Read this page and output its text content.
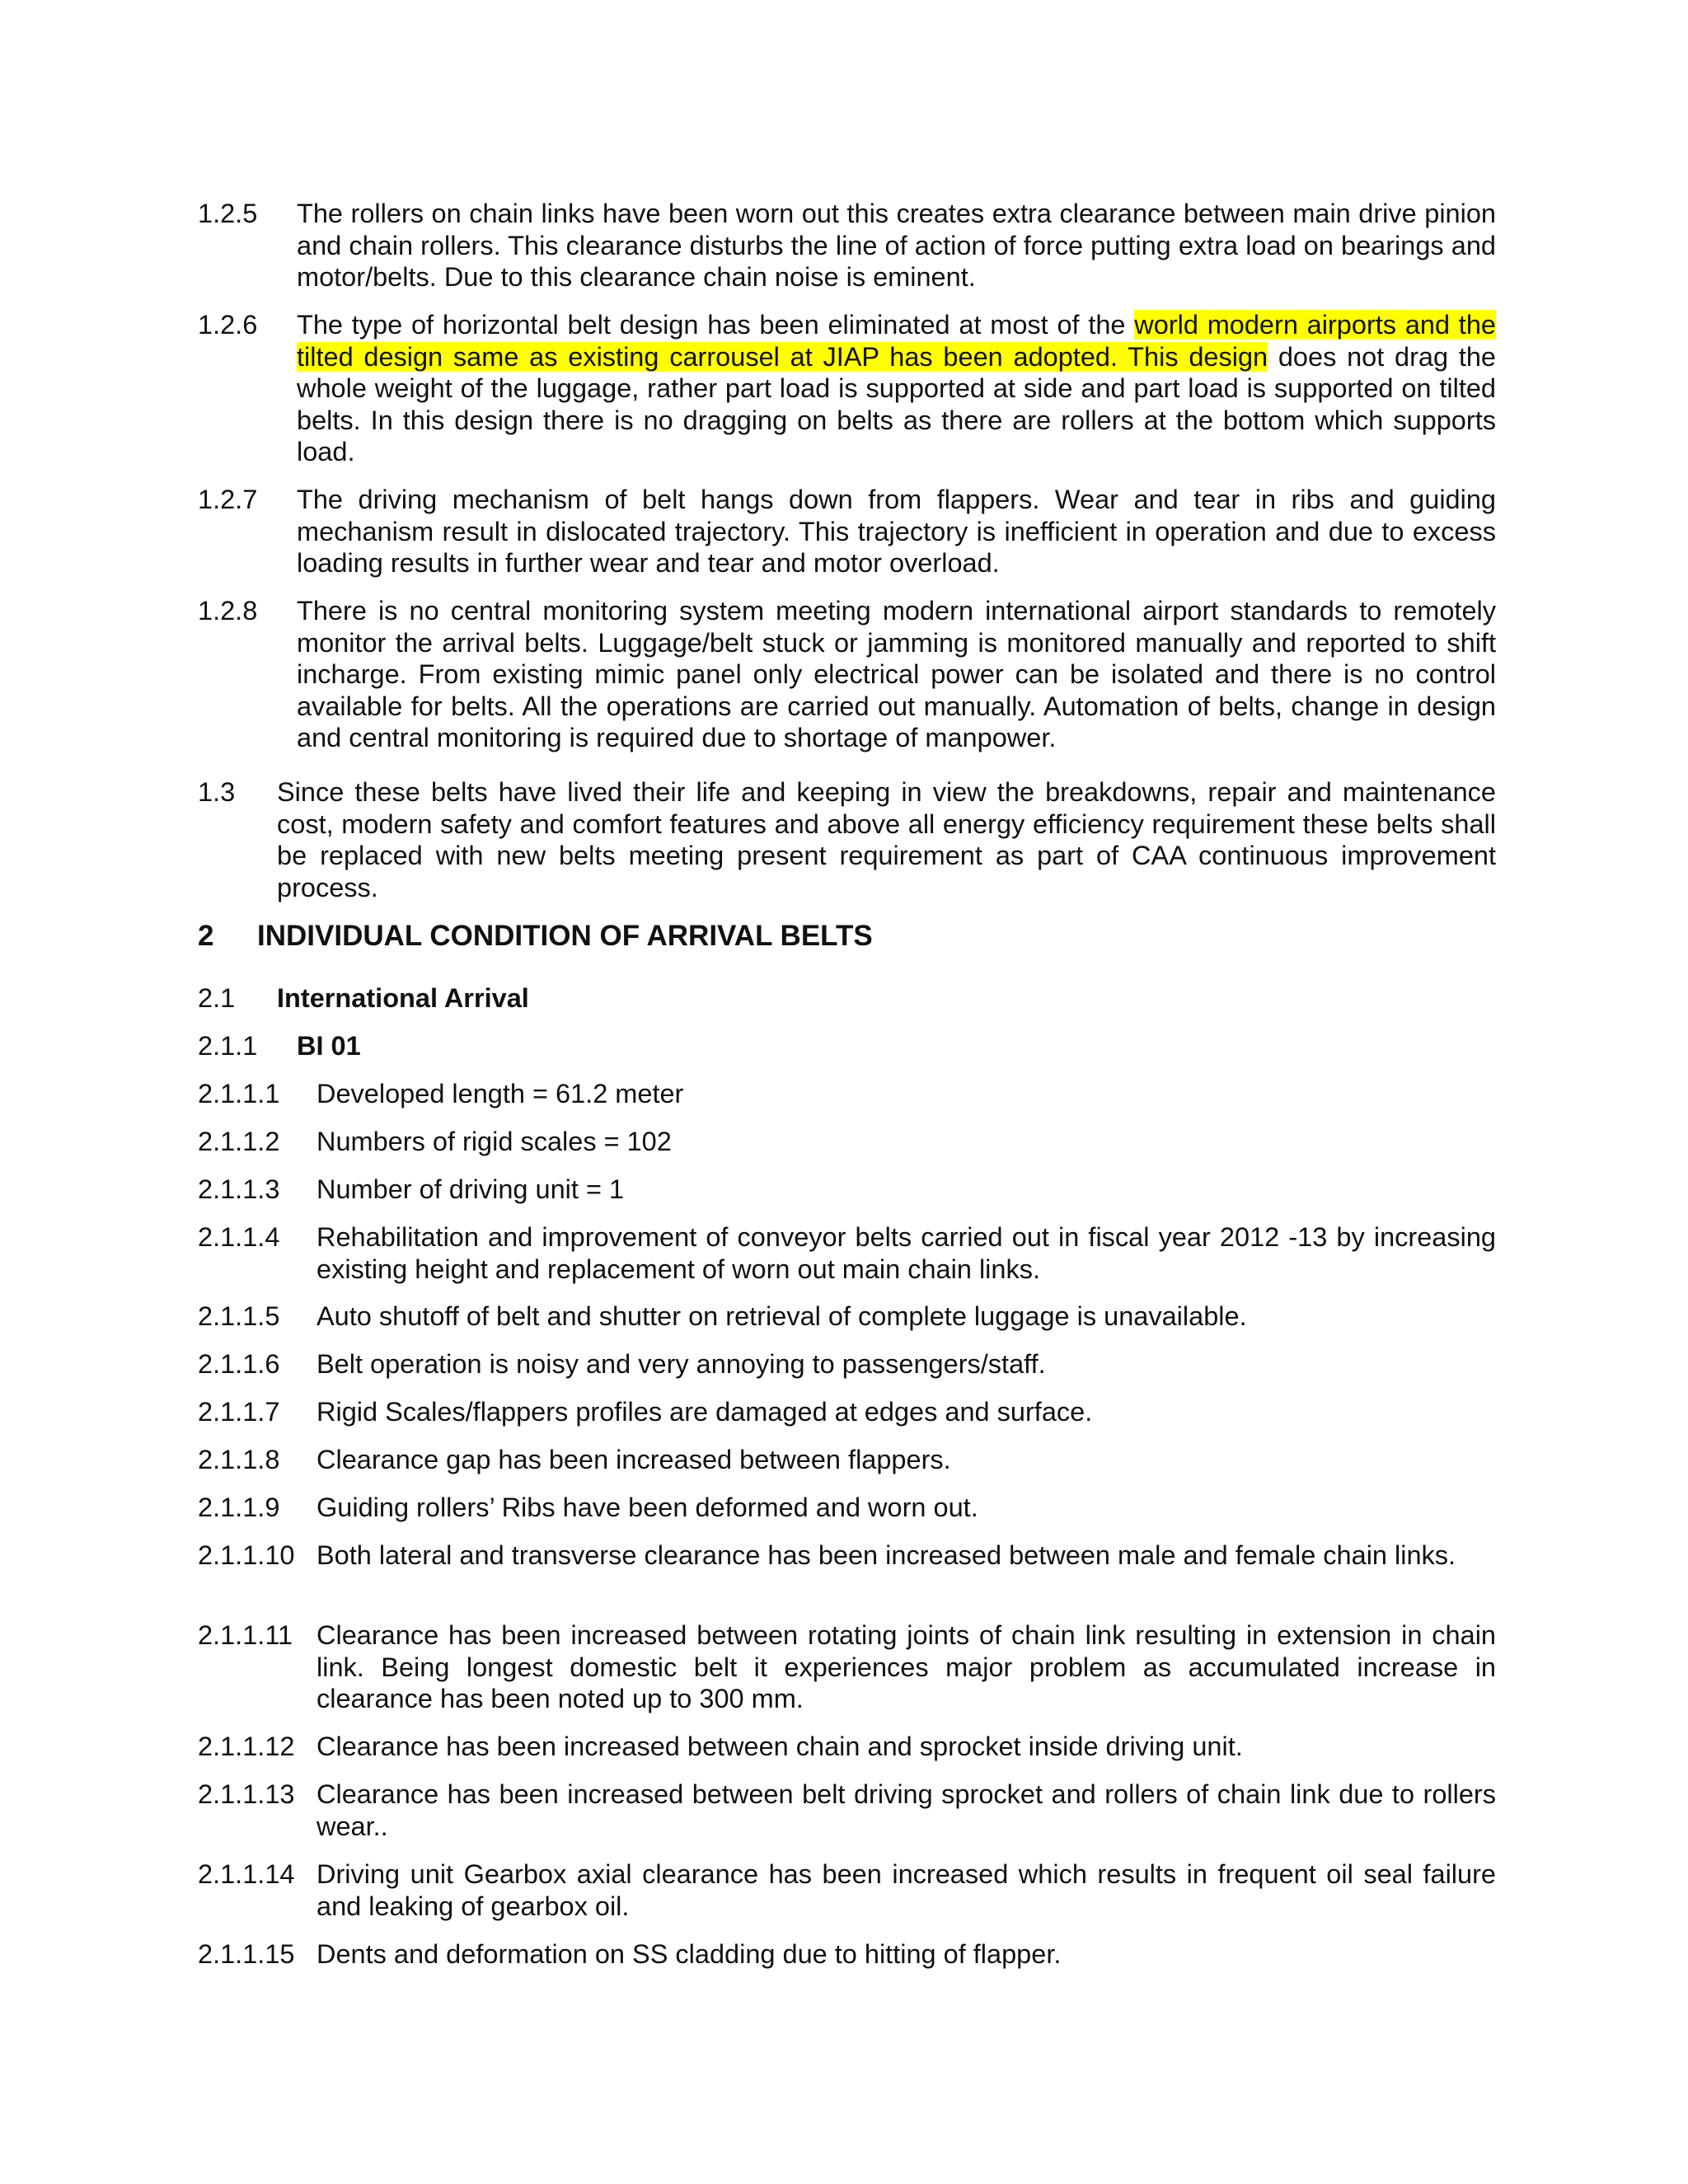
1.2.5 The rollers on chain links have been worn out this creates extra clearance between main drive pinion and chain rollers. This clearance disturbs the line of action of force putting extra load on bearings and motor/belts. Due to this clearance chain noise is eminent.
1.2.6 The type of horizontal belt design has been eliminated at most of the world modern airports and the tilted design same as existing carrousel at JIAP has been adopted. This design does not drag the whole weight of the luggage, rather part load is supported at side and part load is supported on tilted belts. In this design there is no dragging on belts as there are rollers at the bottom which supports load.
1.2.7 The driving mechanism of belt hangs down from flappers. Wear and tear in ribs and guiding mechanism result in dislocated trajectory. This trajectory is inefficient in operation and due to excess loading results in further wear and tear and motor overload.
1.2.8 There is no central monitoring system meeting modern international airport standards to remotely monitor the arrival belts. Luggage/belt stuck or jamming is monitored manually and reported to shift incharge. From existing mimic panel only electrical power can be isolated and there is no control available for belts. All the operations are carried out manually. Automation of belts, change in design and central monitoring is required due to shortage of manpower.
1.3 Since these belts have lived their life and keeping in view the breakdowns, repair and maintenance cost, modern safety and comfort features and above all energy efficiency requirement these belts shall be replaced with new belts meeting present requirement as part of CAA continuous improvement process.
2 INDIVIDUAL CONDITION OF ARRIVAL BELTS
2.1 International Arrival
2.1.1 BI 01
2.1.1.1 Developed length = 61.2 meter
2.1.1.2 Numbers of rigid scales = 102
2.1.1.3 Number of driving unit = 1
2.1.1.4 Rehabilitation and improvement of conveyor belts carried out in fiscal year 2012 -13 by increasing existing height and replacement of worn out main chain links.
2.1.1.5 Auto shutoff of belt and shutter on retrieval of complete luggage is unavailable.
2.1.1.6 Belt operation is noisy and very annoying to passengers/staff.
2.1.1.7 Rigid Scales/flappers profiles are damaged at edges and surface.
2.1.1.8 Clearance gap has been increased between flappers.
2.1.1.9 Guiding rollers’ Ribs have been deformed and worn out.
2.1.1.10 Both lateral and transverse clearance has been increased between male and female chain links.
2.1.1.11 Clearance has been increased between rotating joints of chain link resulting in extension in chain link. Being longest domestic belt it experiences major problem as accumulated increase in clearance has been noted up to 300 mm.
2.1.1.12 Clearance has been increased between chain and sprocket inside driving unit.
2.1.1.13 Clearance has been increased between belt driving sprocket and rollers of chain link due to rollers wear..
2.1.1.14 Driving unit Gearbox axial clearance has been increased which results in frequent oil seal failure and leaking of gearbox oil.
2.1.1.15 Dents and deformation on SS cladding due to hitting of flapper.
